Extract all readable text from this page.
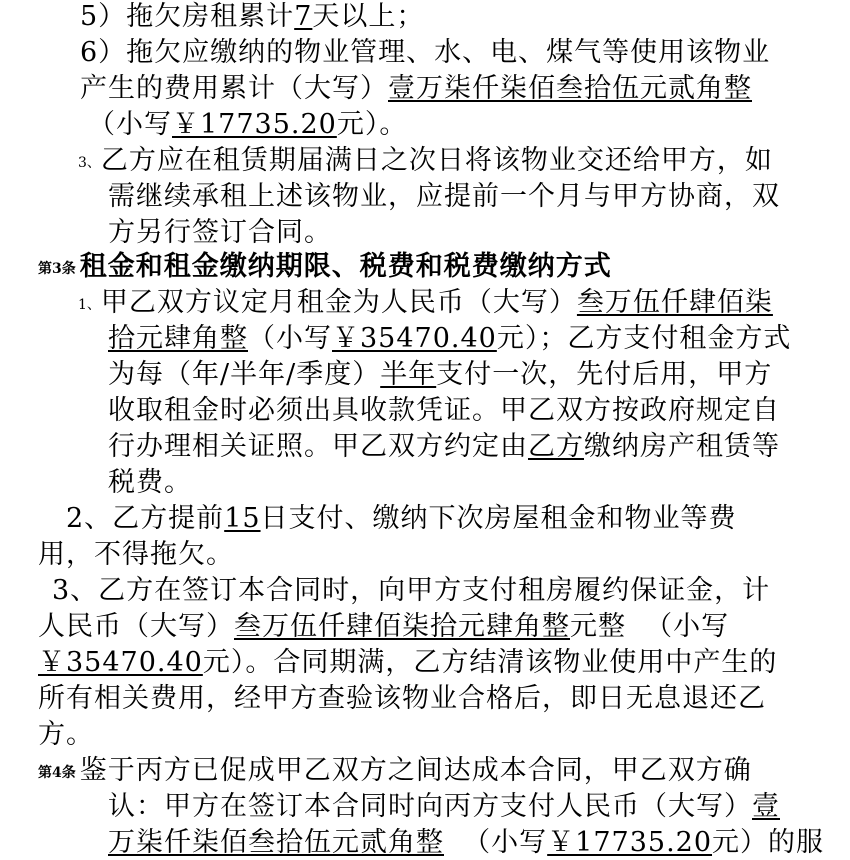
5）拖欠房租累计7天以上；
6）拖欠应缴纳的物业管理、水、电、煤气等使用该物业
产生的费用累计（大写）壹万柒仟柒佰叁拾伍元贰角整
（小写￥17735.20元）。
3、乙方应在租赁期届满日之次日将该物业交还给甲方，如
需继续承租上述该物业，应提前一个月与甲方协商，双
方另行签订合同。
第3条 租金和租金缴纳期限、税费和税费缴纳方式
1、甲乙双方议定月租金为人民币（大写）叁万伍仟肆佰柒
拾元肆角整（小写￥35470.40元）；乙方支付租金方式
为每（年/半年/季度）半年支付一次，先付后用，甲方
收取租金时必须出具收款凭证。甲乙双方按政府规定自
行办理相关证照。甲乙双方约定由乙方缴纳房产租赁等
税费。
2、乙方提前15日支付、缴纳下次房屋租金和物业等费
用，不得拖欠。
3、乙方在签订本合同时，向甲方支付租房履约保证金，计
人民币（大写）叁万伍仟肆佰柒拾元肆角整元整  （小写
￥35470.40元）。合同期满，乙方结清该物业使用中产生的
所有相关费用，经甲方查验该物业合格后，即日无息退还乙
方。
第4条 鉴于丙方已促成甲乙双方之间达成本合同，甲乙双方确
认：甲方在签订本合同时向丙方支付人民币（大写）壹
万柒仟柒佰叁拾伍元贰角整  （小写￥17735.20元）的服
